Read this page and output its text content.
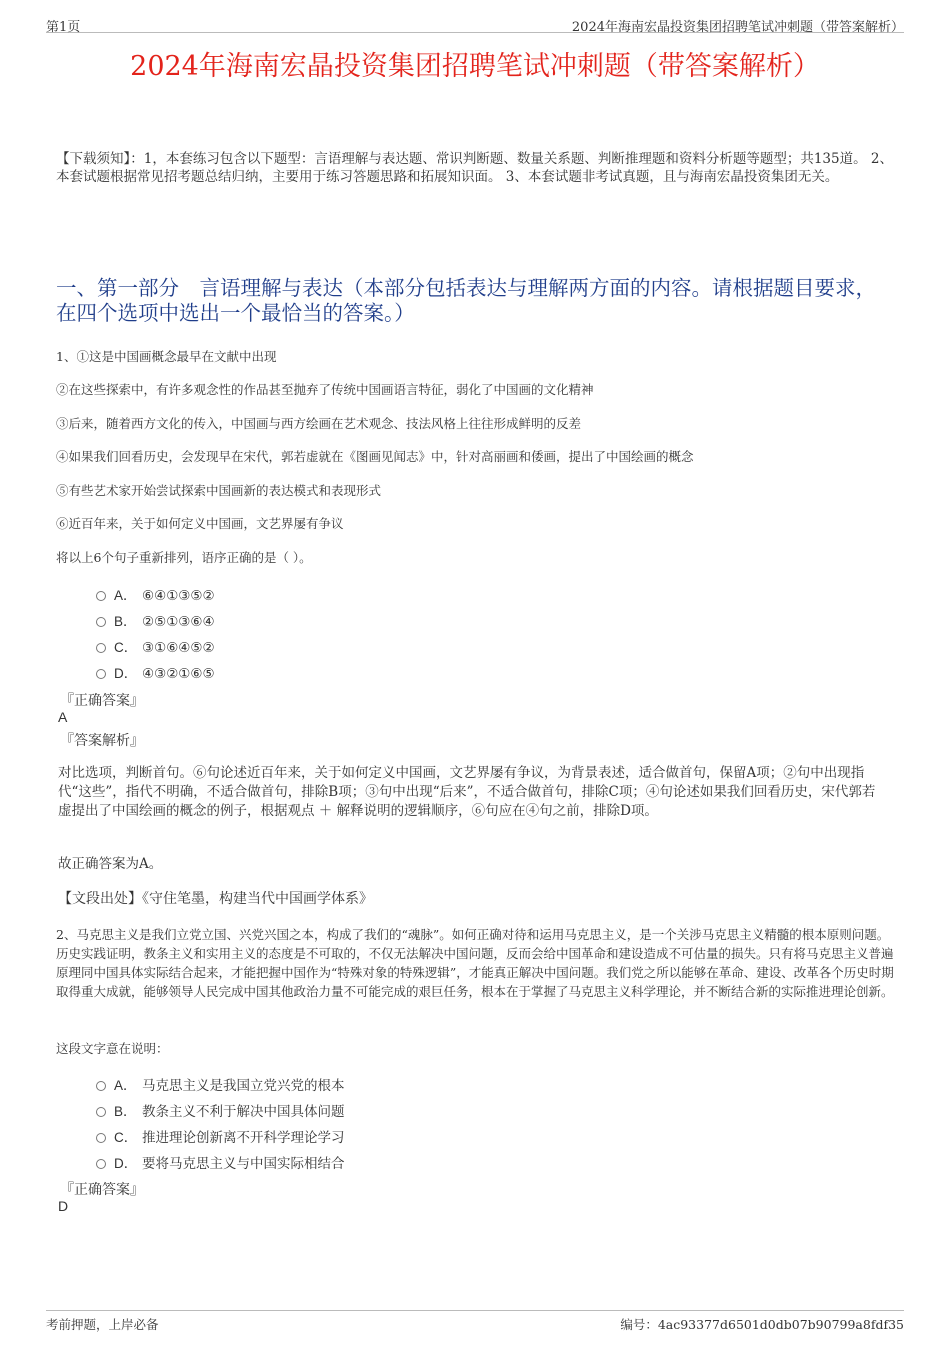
第1页	2024年海南宏晶投资集团招聘笔试冲刺题（带答案解析）
2024年海南宏晶投资集团招聘笔试冲刺题（带答案解析）
【下载须知】：1，本套练习包含以下题型：言语理解与表达题、常识判断题、数量关系题、判断推理题和资料分析题等题型；共135道。 2、本套试题根据常见招考题总结归纳，主要用于练习答题思路和拓展知识面。 3、本套试题非考试真题，且与海南宏晶投资集团无关。
一、第一部分　言语理解与表达（本部分包括表达与理解两方面的内容。请根据题目要求，在四个选项中选出一个最恰当的答案。）

1、①这是中国画概念最早在文献中出现

②在这些探索中，有许多观念性的作品甚至抛弃了传统中国画语言特征，弱化了中国画的文化精神

③后来，随着西方文化的传入，中国画与西方绘画在艺术观念、技法风格上往往形成鲜明的反差

④如果我们回看历史，会发现早在宋代，郭若虚就在《图画见闻志》中，针对高丽画和倭画，提出了中国绘画的概念

⑤有些艺术家开始尝试探索中国画新的表达模式和表现形式

⑥近百年来，关于如何定义中国画，文艺界屡有争议

将以上6个句子重新排列，语序正确的是（ ）。

A． ⑥④①③⑤②
B． ②⑤①③⑥④
C． ③①⑥④⑤②
D． ④③②①⑥⑤
『正确答案』
A
『答案解析』
对比选项，判断首句。⑥句论述近百年来，关于如何定义中国画，文艺界屡有争议，为背景表述，适合做首句，保留A项；②句中出现指代“这些”，指代不明确，不适合做首句，排除B项；③句中出现“后来”，不适合做首句，排除C项；④句论述如果我们回看历史，宋代郭若虚提出了中国绘画的概念的例子，根据观点 ＋ 解释说明的逻辑顺序，⑥句应在④句之前，排除D项。
故正确答案为A。
【文段出处】《守住笔墨，构建当代中国画学体系》

2、马克思主义是我们立党立国、兴党兴国之本，构成了我们的“魂脉”。如何正确对待和运用马克思主义，是一个关涉马克思主义精髓的根本原则问题。历史实践证明，教条主义和实用主义的态度是不可取的，不仅无法解决中国问题，反而会给中国革命和建设造成不可估量的损失。只有将马克思主义普遍原理同中国具体实际结合起来，才能把握中国作为“特殊对象的特殊逻辑”，才能真正解决中国问题。我们党之所以能够在革命、建设、改革各个历史时期取得重大成就，能够领导人民完成中国其他政治力量不可能完成的艰巨任务，根本在于掌握了马克思主义科学理论，并不断结合新的实际推进理论创新。

这段文字意在说明：

A． 马克思主义是我国立党兴党的根本
B． 教条主义不利于解决中国具体问题
C． 推进理论创新离不开科学理论学习
D． 要将马克思主义与中国实际相结合
『正确答案』
D
考前押题，上岸必备	编号：4ac93377d6501d0db07b90799a8fdf35
